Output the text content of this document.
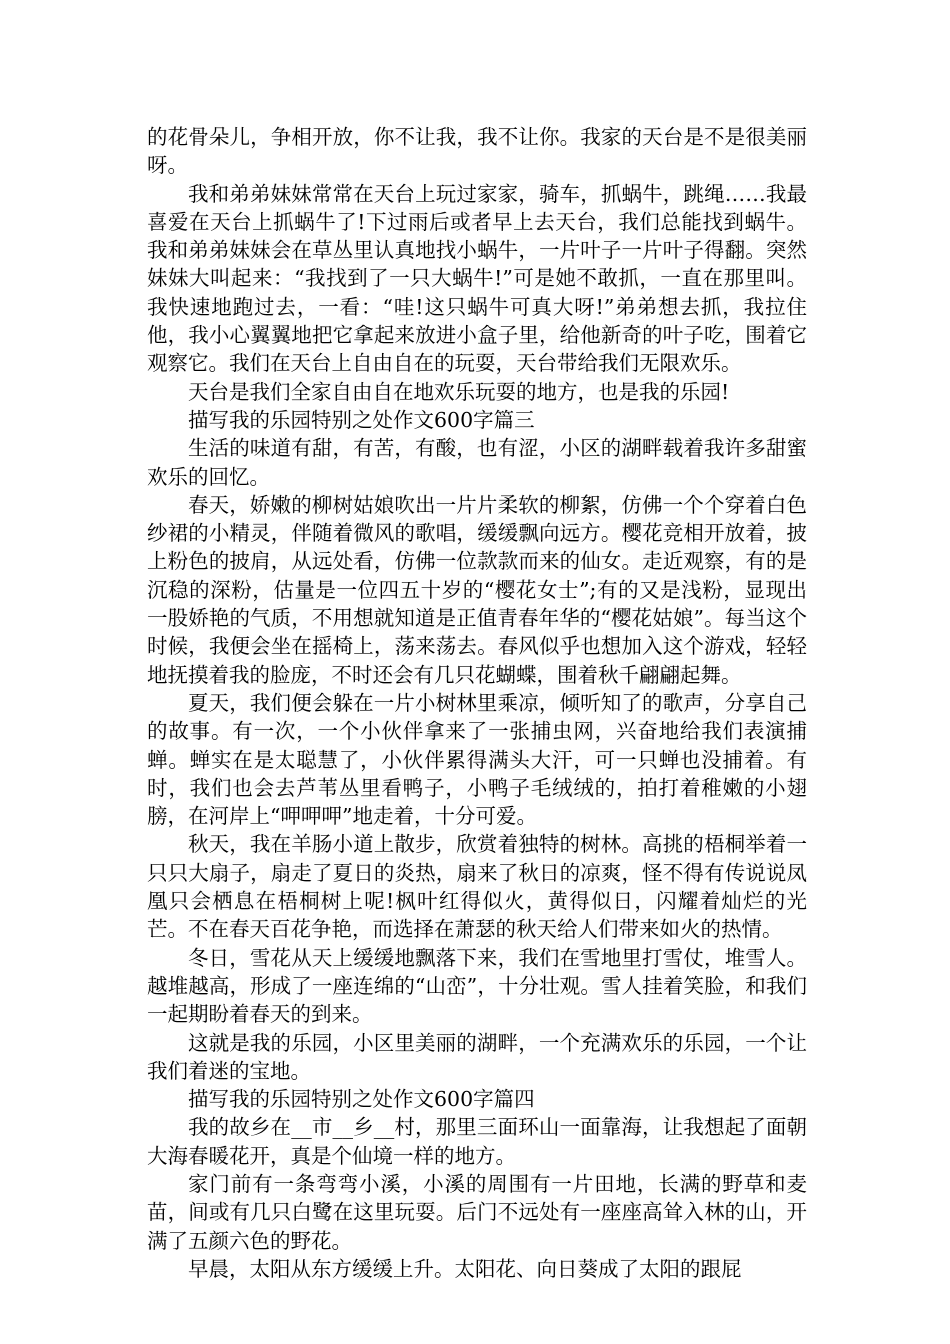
的花骨朵儿，争相开放，你不让我，我不让你。我家的天台是不是很美丽呀。

我和弟弟妹妹常常在天台上玩过家家，骑车，抓蜗牛，跳绳……我最喜爱在天台上抓蜗牛了!下过雨后或者早上去天台，我们总能找到蜗牛。我和弟弟妹妹会在草丛里认真地找小蜗牛，一片叶子一片叶子得翻。突然妹妹大叫起来：“我找到了一只大蜗牛!”可是她不敢抓，一直在那里叫。我快速地跑过去，一看：“哇!这只蜗牛可真大呀!”弟弟想去抓，我拉住他，我小心翼翼地把它拿起来放进小盒子里，给他新奇的叶子吃，围着它观察它。我们在天台上自由自在的玩耍，天台带给我们无限欢乐。

天台是我们全家自由自在地欢乐玩耍的地方，也是我的乐园!

描写我的乐园特别之处作文600字篇三

生活的味道有甜，有苦，有酸，也有涩，小区的湖畔载着我许多甜蜜欢乐的回忆。

春天，娇嫩的柳树姑娘吹出一片片柔软的柳絮，仿佛一个个穿着白色纱裙的小精灵，伴随着微风的歌唱，缓缓飘向远方。樱花竞相开放着，披上粉色的披肩，从远处看，仿佛一位款款而来的仙女。走近观察，有的是沉稳的深粉，估量是一位四五十岁的“樱花女士”;有的又是浅粉，显现出一股娇艳的气质，不用想就知道是正值青春年华的“樱花姑娘”。每当这个时候，我便会坐在摇椅上，荡来荡去。春风似乎也想加入这个游戏，轻轻地抚摸着我的脸庞，不时还会有几只花蝴蝶，围着秋千翩翩起舞。

夏天，我们便会躲在一片小树林里乘凉，倾听知了的歌声，分享自己的故事。有一次，一个小伙伴拿来了一张捕虫网，兴奋地给我们表演捕蝉。蝉实在是太聪慧了，小伙伴累得满头大汗，可一只蝉也没捕着。有时，我们也会去芦苇丛里看鸭子，小鸭子毛绒绒的，拍打着稚嫩的小翅膀，在河岸上“呷呷呷”地走着，十分可爱。

秋天，我在羊肠小道上散步，欣赏着独特的树林。高挑的梧桐举着一只只大扇子，扇走了夏日的炎热，扇来了秋日的凉爽，怪不得有传说说凤凰只会栖息在梧桐树上呢!枫叶红得似火，黄得似日，闪耀着灿烂的光芒。不在春天百花争艳，而选择在萧瑟的秋天给人们带来如火的热情。

冬日，雪花从天上缓缓地飘落下来，我们在雪地里打雪仗，堆雪人。越堆越高，形成了一座连绵的“山峦”，十分壮观。雪人挂着笑脸，和我们一起期盼着春天的到来。

这就是我的乐园，小区里美丽的湖畔，一个充满欢乐的乐园，一个让我们着迷的宝地。

描写我的乐园特别之处作文600字篇四

我的故乡在__市__乡__村，那里三面环山一面靠海，让我想起了面朝大海春暖花开，真是个仙境一样的地方。

家门前有一条弯弯小溪，小溪的周围有一片田地，长满的野草和麦苗，间或有几只白鹭在这里玩耍。后门不远处有一座座高耸入林的山，开满了五颜六色的野花。

早晨，太阳从东方缓缓上升。太阳花、向日葵成了太阳的跟屁
